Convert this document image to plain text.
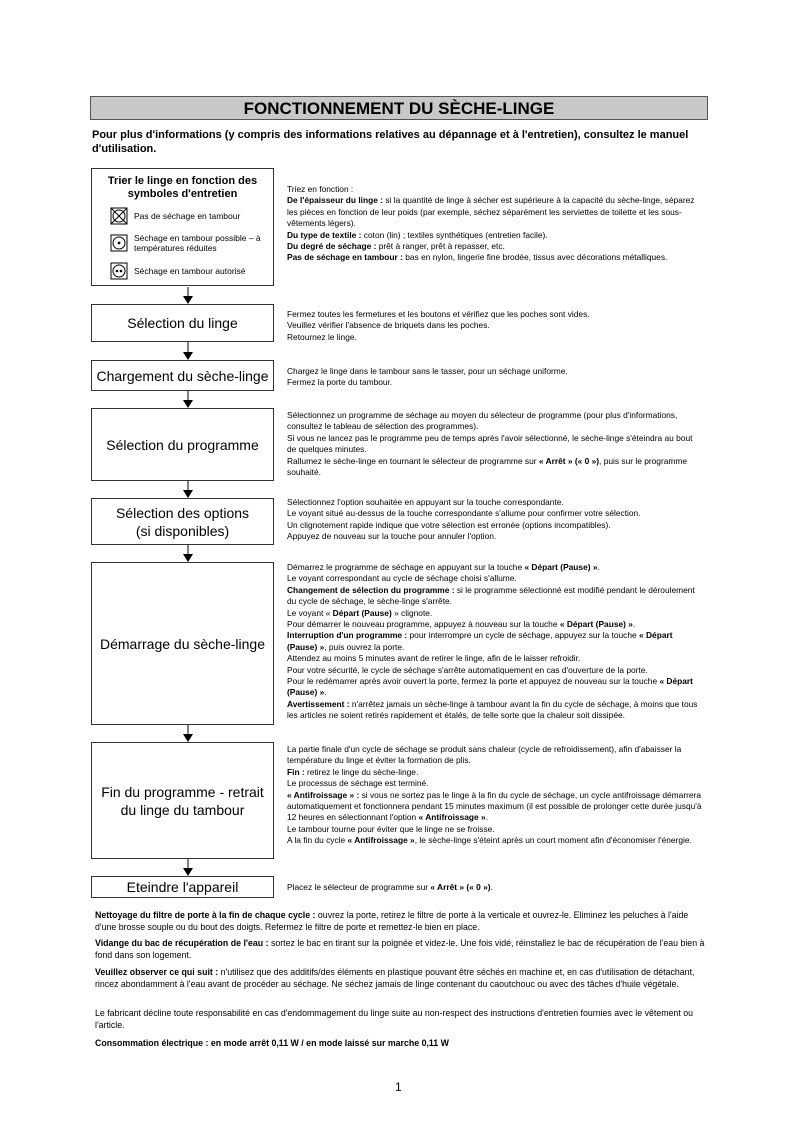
FONCTIONNEMENT DU SÈCHE-LINGE
Pour plus d'informations (y compris des informations relatives au dépannage et à l'entretien), consultez le manuel d'utilisation.
Trier le linge en fonction des symboles d'entretien
Pas de séchage en tambour
Séchage en tambour possible – à températures réduites
Séchage en tambour autorisé
Triez en fonction :
De l'épaisseur du linge : si la quantité de linge à sécher est supérieure à la capacité du sèche-linge, séparez les pièces en fonction de leur poids (par exemple, séchez séparément les serviettes de toilette et les sous-vêtements légers).
Du type de textile : coton (lin) ; textiles synthétiques (entretien facile).
Du degré de séchage : prêt à ranger, prêt à repasser, etc.
Pas de séchage en tambour : bas en nylon, lingerie fine brodée, tissus avec décorations métalliques.
Sélection du linge
Fermez toutes les fermetures et les boutons et vérifiez que les poches sont vides.
Veuillez vérifier l'absence de briquets dans les poches.
Retournez le linge.
Chargement du sèche-linge Chargez le linge dans le tambour sans le tasser, pour un séchage uniforme.
Fermez la porte du tambour.
Sélection du programme
Sélectionnez un programme de séchage au moyen du sélecteur de programme (pour plus d'informations, consultez le tableau de sélection des programmes).
Si vous ne lancez pas le programme peu de temps après l'avoir sélectionné, le sèche-linge s'éteindra au bout de quelques minutes.
Rallumez le sèche-linge en tournant le sélecteur de programme sur « Arrêt » (« 0 »), puis sur le programme souhaité.
Sélection des options
(si disponibles)
Sélectionnez l'option souhaitée en appuyant sur la touche correspondante.
Le voyant situé au-dessus de la touche correspondante s'allume pour confirmer votre sélection.
Un clignotement rapide indique que votre sélection est erronée (options incompatibles).
Appuyez de nouveau sur la touche pour annuler l'option.
Démarrage du sèche-linge
Démarrez le programme de séchage en appuyant sur la touche « Départ (Pause) ».
Le voyant correspondant au cycle de séchage choisi s'allume.
Changement de sélection du programme : si le programme sélectionné est modifié pendant le déroulement du cycle de séchage, le sèche-linge s'arrête.
Le voyant « Départ (Pause) » clignote.
Pour démarrer le nouveau programme, appuyez à nouveau sur la touche « Départ (Pause) ».
Interruption d'un programme : pour interrompre un cycle de séchage, appuyez sur la touche « Départ (Pause) », puis ouvrez la porte.
Attendez au moins 5 minutes avant de retirer le linge, afin de le laisser refroidir.
Pour votre sécurité, le cycle de séchage s'arrête automatiquement en cas d'ouverture de la porte.
Pour le redémarrer après avoir ouvert la porte, fermez la porte et appuyez de nouveau sur la touche « Départ (Pause) ».
Avertissement : n'arrêtez jamais un sèche-linge à tambour avant la fin du cycle de séchage, à moins que tous les articles ne soient retirés rapidement et étalés, de telle sorte que la chaleur soit dissipée.
Fin du programme - retrait
du linge du tambour
La partie finale d'un cycle de séchage se produit sans chaleur (cycle de refroidissement), afin d'abaisser la température du linge et éviter la formation de plis.
Fin : retirez le linge du sèche-linge.
Le processus de séchage est terminé.
« Antifroissage » : si vous ne sortez pas le linge à la fin du cycle de séchage, un cycle antifroissage démarrera automatiquement et fonctionnera pendant 15 minutes maximum (il est possible de prolonger cette durée jusqu'à 12 heures en sélectionnant l'option « Antifroissage ».
Le tambour tourne pour éviter que le linge ne se froisse.
A la fin du cycle « Antifroissage », le sèche-linge s'éteint après un court moment afin d'économiser l'énergie.
Eteindre l'appareil	Placez le sélecteur de programme sur « Arrêt » (« 0 »).
Nettoyage du filtre de porte à la fin de chaque cycle : ouvrez la porte, retirez le filtre de porte à la verticale et ouvrez-le. Eliminez les peluches à l'aide d'une brosse souple ou du bout des doigts. Refermez le filtre de porte et remettez-le bien en place.
Vidange du bac de récupération de l'eau : sortez le bac en tirant sur la poignée et videz-le. Une fois vidé, réinstallez le bac de récupération de l'eau bien à fond dans son logement.
Veuillez observer ce qui suit : n'utilisez que des additifs/des éléments en plastique pouvant être séchés en machine et, en cas d'utilisation de détachant, rincez abondamment à l'eau avant de procéder au séchage. Ne séchez jamais de linge contenant du caoutchouc ou avec des tâches d'huile végétale.
Le fabricant décline toute responsabilité en cas d'endommagement du linge suite au non-respect des instructions d'entretien fournies avec le vêtement ou l'article.
Consommation électrique : en mode arrêt 0,11 W / en mode laissé sur marche 0,11 W
1
